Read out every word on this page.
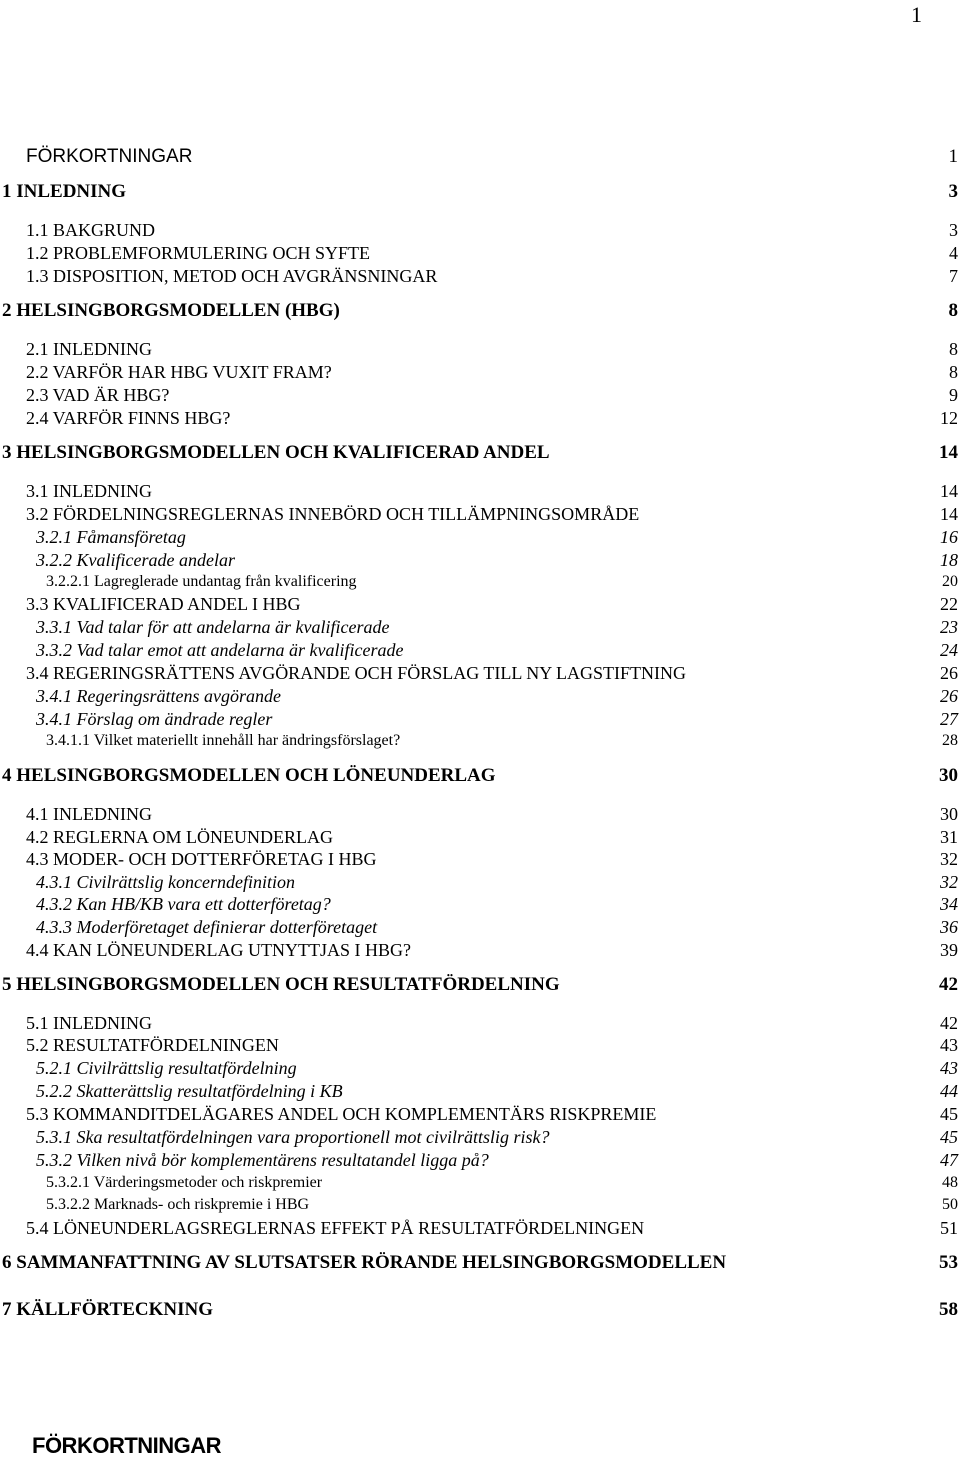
1
FÖRKORTNINGAR	1
1 INLEDNING	3
1.1 BAKGRUND	3
1.2 PROBLEMFORMULERING OCH SYFTE	4
1.3 DISPOSITION, METOD OCH AVGRÄNSNINGAR	7
2 HELSINGBORGSMODELLEN (HBG)	8
2.1 INLEDNING	8
2.2 VARFÖR HAR HBG VUXIT FRAM?	8
2.3 VAD ÄR HBG?	9
2.4 VARFÖR FINNS HBG?	12
3 HELSINGBORGSMODELLEN OCH KVALIFICERAD ANDEL	14
3.1 INLEDNING	14
3.2 FÖRDELNINGSREGLERNAS INNEBÖRD OCH TILLÄMPNINGSOMRÅDE	14
3.2.1 Fåmansföretag	16
3.2.2 Kvalificerade andelar	18
3.2.2.1 Lagreglerade undantag från kvalificering	20
3.3 KVALIFICERAD ANDEL I HBG	22
3.3.1 Vad talar för att andelarna är kvalificerade	23
3.3.2 Vad talar emot att andelarna är kvalificerade	24
3.4 REGERINGSRÄTTENS AVGÖRANDE OCH FÖRSLAG TILL NY LAGSTIFTNING	26
3.4.1 Regeringsrättens avgörande	26
3.4.1 Förslag om ändrade regler	27
3.4.1.1 Vilket materiellt innehåll har ändringsförslaget?	28
4 HELSINGBORGSMODELLEN OCH LÖNEUNDERLAG	30
4.1 INLEDNING	30
4.2 REGLERNA OM LÖNEUNDERLAG	31
4.3 MODER- OCH DOTTERFÖRETAG I HBG	32
4.3.1 Civilrättslig koncerndefinition	32
4.3.2 Kan HB/KB vara ett dotterföretag?	34
4.3.3 Moderföretaget definierar dotterföretaget	36
4.4 KAN LÖNEUNDERLAG UTNYTTJAS I HBG?	39
5 HELSINGBORGSMODELLEN OCH RESULTATFÖRDELNING	42
5.1 INLEDNING	42
5.2 RESULTATFÖRDELNINGEN	43
5.2.1 Civilrättslig resultatfördelning	43
5.2.2 Skatterättslig resultatfördelning i KB	44
5.3 KOMMANDITDELÄGARES ANDEL OCH KOMPLEMENTÄRS RISKPREMIE	45
5.3.1 Ska resultatfördelningen vara proportionell mot civilrättslig risk?	45
5.3.2 Vilken nivå bör komplementärens resultatandel ligga på?	47
5.3.2.1 Värderingsmetoder och riskpremier	48
5.3.2.2 Marknads- och riskpremie i HBG	50
5.4 LÖNEUNDERLAGSREGLERNAS EFFEKT PÅ RESULTATFÖRDELNINGEN	51
6 SAMMANFATTNING AV SLUTSATSER RÖRANDE HELSINGBORGSMODELLEN	53
7 KÄLLFÖRTECKNING	58
FÖRKORTNINGAR
